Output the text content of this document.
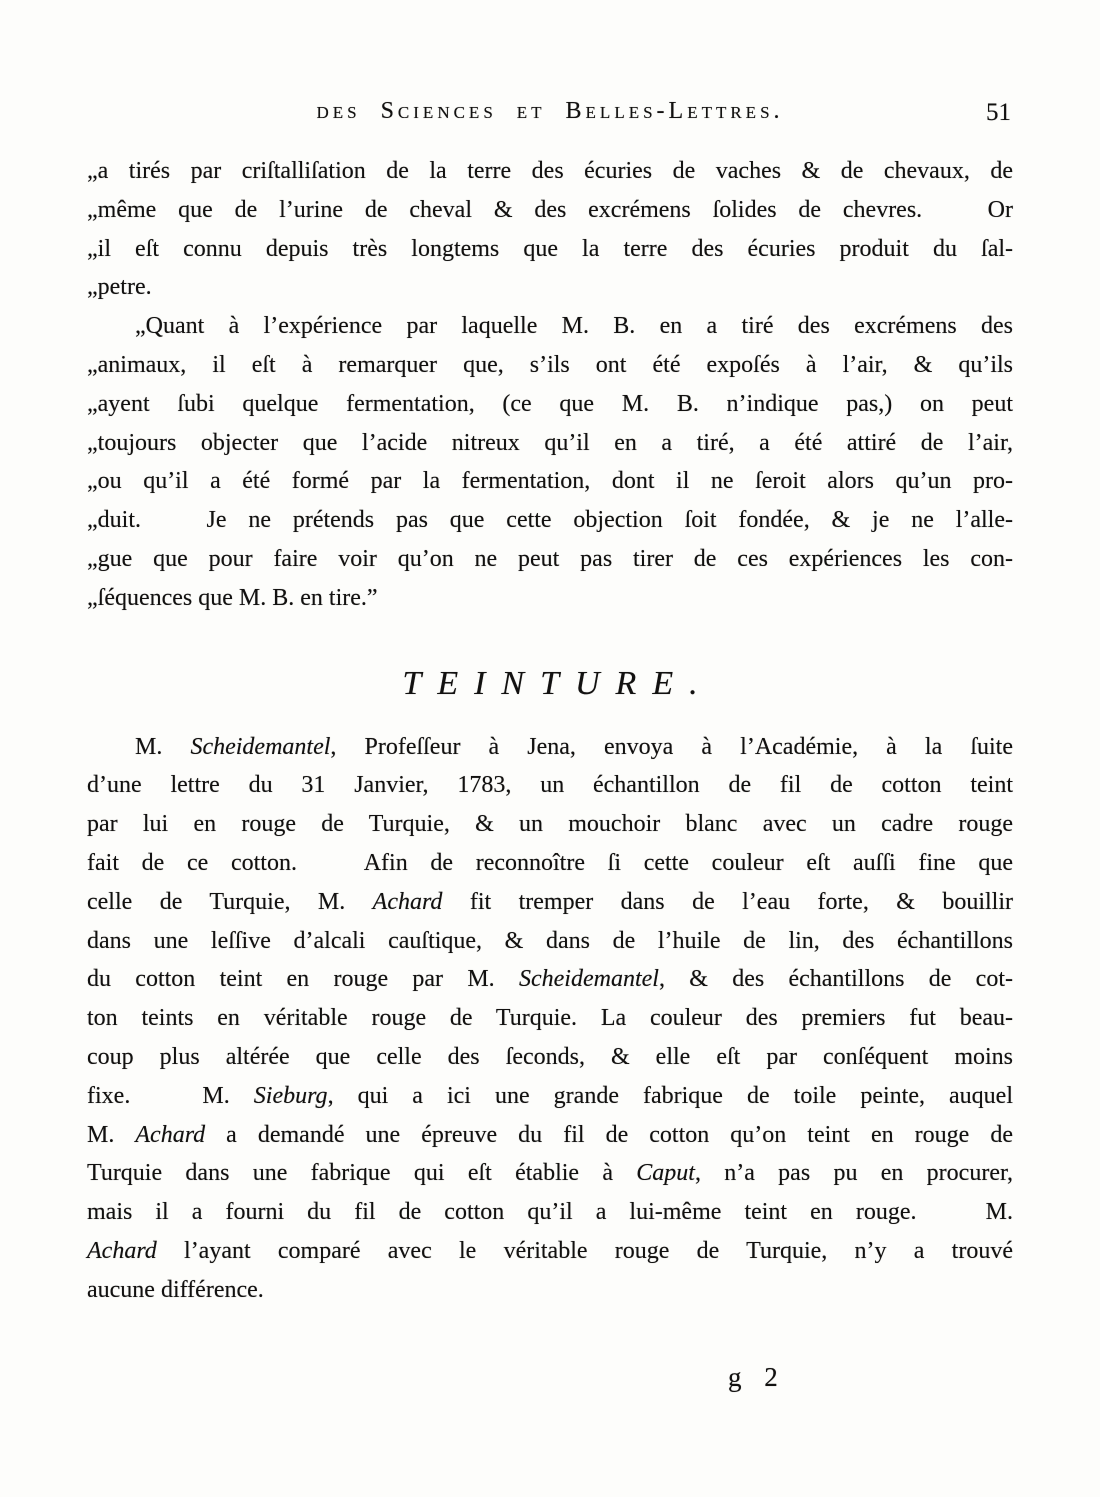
des Sciences et Belles-Lettres.	51
„a tirés par criſtalliſation de la terre des écuries de vaches & de chevaux, de
„même que de l’urine de cheval & des excrémens ſolides de chevres.   Or
„il eſt connu depuis très longtems que la terre des écuries produit du ſal-
„petre.
„Quant à l’expérience par laquelle M. B. en a tiré des excrémens des
„animaux, il eſt à remarquer que, s’ils ont été expoſés à l’air, & qu’ils
„ayent ſubi quelque fermentation, (ce que M. B. n’indique pas,) on peut
„toujours objecter que l’acide nitreux qu’il en a tiré, a été attiré de l’air,
„ou qu’il a été formé par la fermentation, dont il ne ſeroit alors qu’un pro-
„duit.   Je ne prétends pas que cette objection ſoit fondée, & je ne l’alle-
„gue que pour faire voir qu’on ne peut pas tirer de ces expériences les con-
„ſéquences que M. B. en tire.”
TEINTURE.
M. Scheidemantel, Profeſſeur à Jena, envoya à l’Académie, à la ſuite
d’une lettre du 31 Janvier, 1783, un échantillon de fil de cotton teint
par lui en rouge de Turquie, & un mouchoir blanc avec un cadre rouge
fait de ce cotton.   Afin de reconnoître ſi cette couleur eſt auſſi fine que
celle de Turquie, M. Achard fit tremper dans de l’eau forte, & bouillir
dans une leſſive d’alcali cauſtique, & dans de l’huile de lin, des échantillons
du cotton teint en rouge par M. Scheidemantel, & des échantillons de cot-
ton teints en véritable rouge de Turquie. La couleur des premiers fut beau-
coup plus altérée que celle des ſeconds, & elle eſt par conſéquent moins
fixe.   M. Sieburg, qui a ici une grande fabrique de toile peinte, auquel
M. Achard a demandé une épreuve du fil de cotton qu’on teint en rouge de
Turquie dans une fabrique qui eſt établie à Caput, n’a pas pu en procurer,
mais il a fourni du fil de cotton qu’il a lui-même teint en rouge.   M.
Achard l’ayant comparé avec le véritable rouge de Turquie, n’y a trouvé
aucune différence.
g 2
